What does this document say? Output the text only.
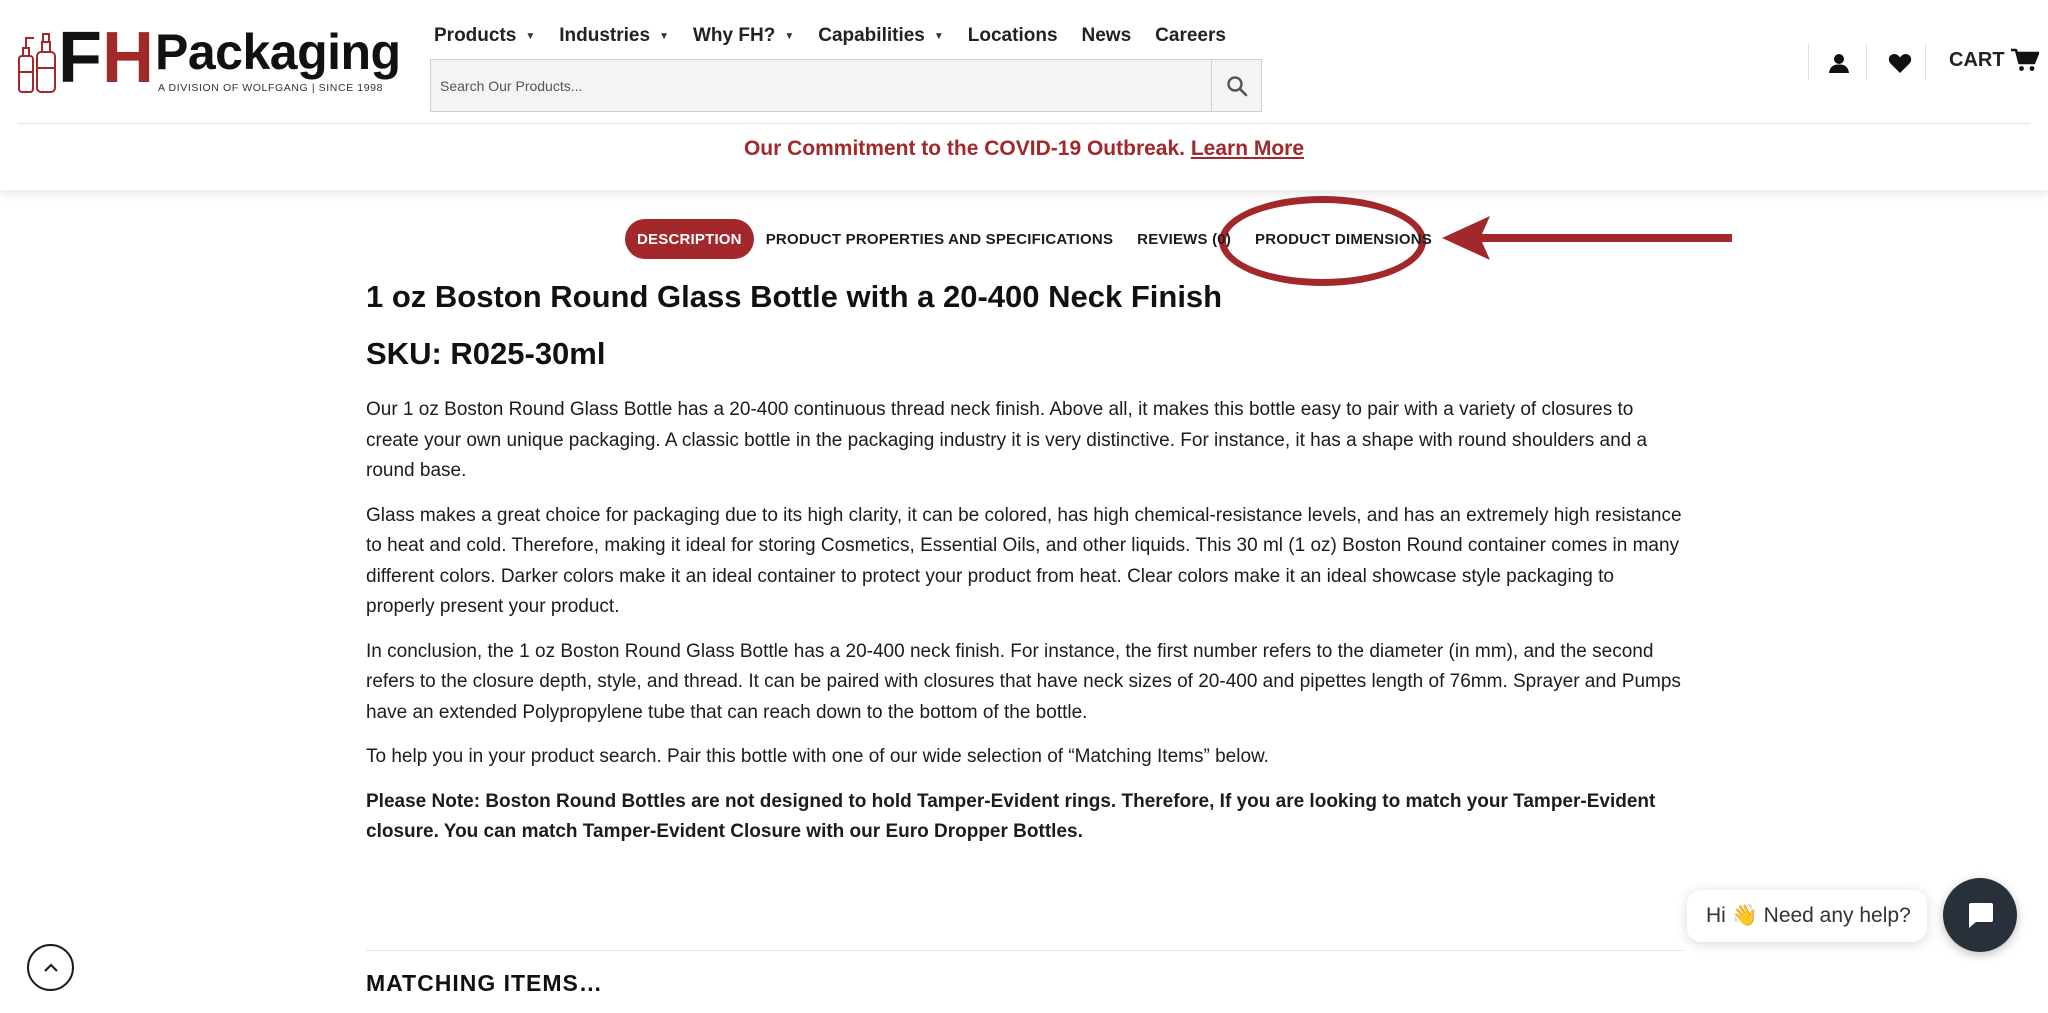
F H Packaging
A DIVISION OF WOLFGANG | SINCE 1998
Products ▼ Industries ▼ Why FH? ▼ Capabilities ▼ Locations News Careers
Search Our Products...
CART
Our Commitment to the COVID-19 Outbreak. Learn More
DESCRIPTION	PRODUCT PROPERTIES AND SPECIFICATIONS	REVIEWS (0)	PRODUCT DIMENSIONS
1 oz Boston Round Glass Bottle with a 20-400 Neck Finish
SKU: R025-30ml

Our 1 oz Boston Round Glass Bottle has a 20-400 continuous thread neck finish. Above all, it makes this bottle easy to pair with a variety of closures to create your own unique packaging. A classic bottle in the packaging industry it is very distinctive. For instance, it has a shape with round shoulders and a round base.

Glass makes a great choice for packaging due to its high clarity, it can be colored, has high chemical-resistance levels, and has an extremely high resistance to heat and cold. Therefore, making it ideal for storing Cosmetics, Essential Oils, and other liquids. This 30 ml (1 oz) Boston Round container comes in many different colors. Darker colors make it an ideal container to protect your product from heat. Clear colors make it an ideal showcase style packaging to properly present your product.

In conclusion, the 1 oz Boston Round Glass Bottle has a 20-400 neck finish. For instance, the first number refers to the diameter (in mm), and the second refers to the closure depth, style, and thread. It can be paired with closures that have neck sizes of 20-400 and pipettes length of 76mm. Sprayer and Pumps have an extended Polypropylene tube that can reach down to the bottom of the bottle.

To help you in your product search. Pair this bottle with one of our wide selection of “Matching Items” below.

Please Note: Boston Round Bottles are not designed to hold Tamper-Evident rings. Therefore, If you are looking to match your Tamper-Evident closure. You can match Tamper-Evident Closure with our Euro Dropper Bottles.

MATCHING ITEMS…
Hi 👋 Need any help?
